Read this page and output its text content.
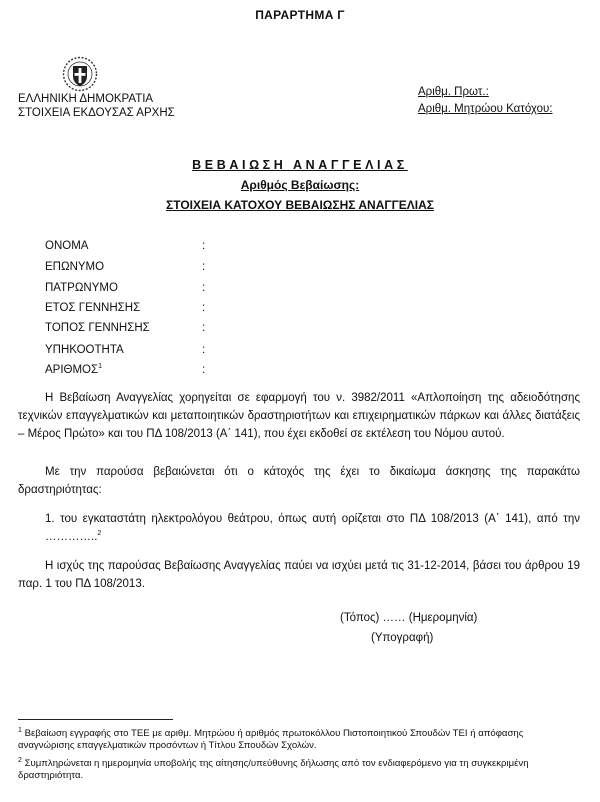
ΠΑΡΑΡΤΗΜΑ Γ
ΕΛΛΗΝΙΚΗ ΔΗΜΟΚΡΑΤΙΑ
ΣΤΟΙΧΕΙΑ ΕΚΔΟΥΣΑΣ ΑΡΧΗΣ
Αριθμ. Πρωτ.:
Αριθμ. Μητρώου Κατόχου:
ΒΕΒΑΙΩΣΗ ΑΝΑΓΓΕΛΙΑΣ
Αριθμός Βεβαίωσης:
ΣΤΟΙΧΕΙΑ ΚΑΤΟΧΟΥ ΒΕΒΑΙΩΣΗΣ ΑΝΑΓΓΕΛΙΑΣ
ΟΝΟΜΑ	:
ΕΠΩΝΥΜΟ	:
ΠΑΤΡΩΝΥΜΟ	:
ΕΤΟΣ ΓΕΝΝΗΣΗΣ	:
ΤΟΠΟΣ ΓΕΝΝΗΣΗΣ	:
ΥΠΗΚΟΟΤΗΤΑ	:
ΑΡΙΘΜΟΣ$^1$	:
Η Βεβαίωση Αναγγελίας χορηγείται σε εφαρμογή του ν. 3982/2011 «Απλοποίηση της αδειοδότησης τεχνικών επαγγελματικών και μεταποιητικών δραστηριοτήτων και επιχειρηματικών πάρκων και άλλες διατάξεις – Μέρος Πρώτο» και του ΠΔ 108/2013 (Α΄ 141), που έχει εκδοθεί σε εκτέλεση του Νόμου αυτού.
Με την παρούσα βεβαιώνεται ότι ο κάτοχός της έχει το δικαίωμα άσκησης της παρακάτω δραστηριότητας:
1. του εγκαταστάτη ηλεκτρολόγου θεάτρου, όπως αυτή ορίζεται στο ΠΔ 108/2013 (Α΄ 141), από την …………..$^2$
Η ισχύς της παρούσας Βεβαίωσης Αναγγελίας παύει να ισχύει μετά τις 31-12-2014, βάσει του άρθρου 19 παρ. 1 του ΠΔ 108/2013.
(Τόπος) …… (Ημερομηνία)
(Υπογραφή)
$^1$ Βεβαίωση εγγραφής στο ΤΕΕ με αριθμ. Μητρώου ή αριθμός πρωτοκόλλου Πιστοποιητικού Σπουδών ΤΕΙ ή απόφασης αναγνώρισης επαγγελματικών προσόντων ή Τίτλου Σπουδών Σχολών.
$^2$ Συμπληρώνεται η ημερομηνία υποβολής της αίτησης/υπεύθυνης δήλωσης από τον ενδιαφερόμενο για τη συγκεκριμένη δραστηριότητα.
